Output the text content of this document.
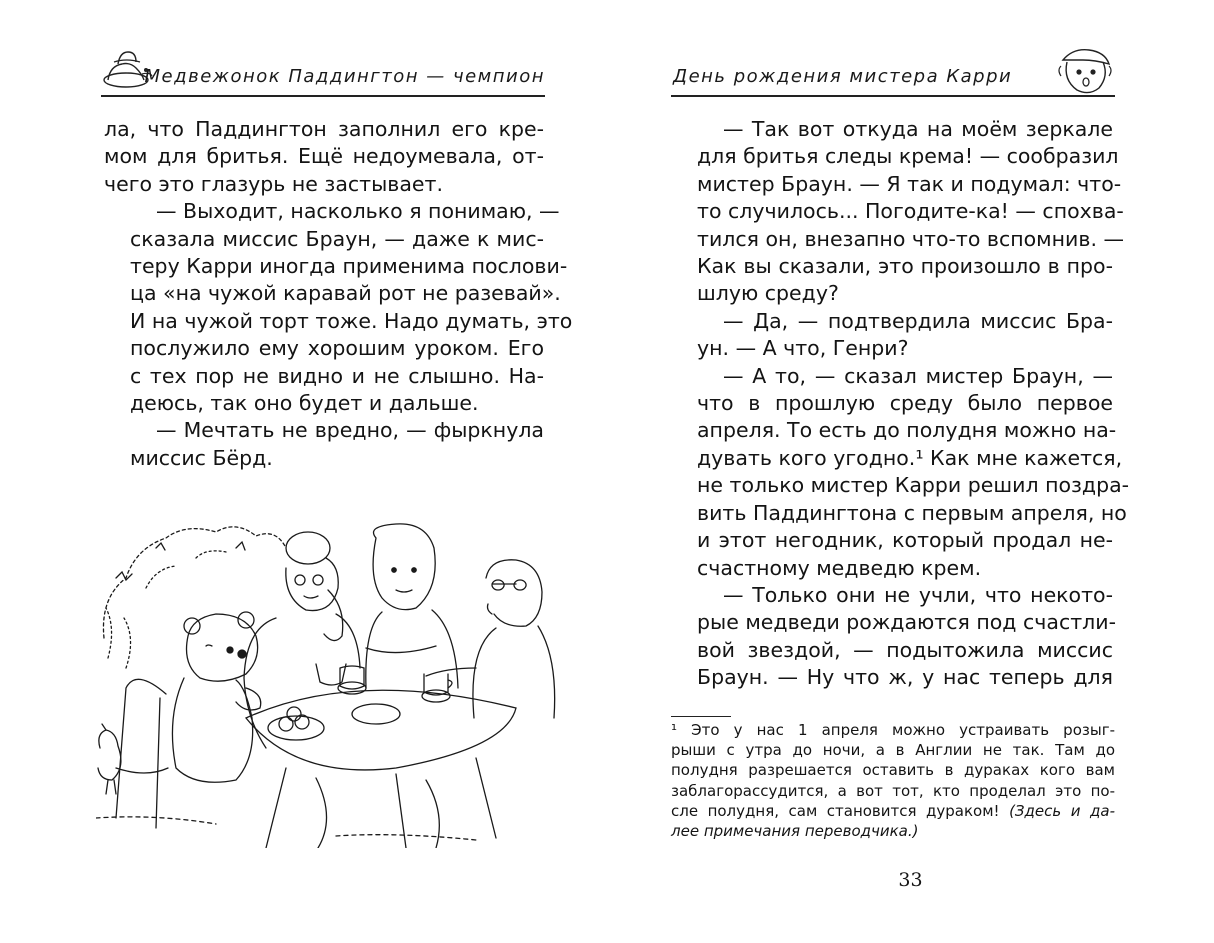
Медвежонок Паддингтон — чемпион

ла, что Паддингтон заполнил его кре-
мом для бритья. Ещё недоумевала, от-
чего это глазурь не застывает.

— Выходит, насколько я понимаю, —
сказала миссис Браун, — даже к мис-
теру Карри иногда применима послови-
ца «на чужой каравай рот не разевай».
И на чужой торт тоже. Надо думать, это
послужило ему хорошим уроком. Его
с тех пор не видно и не слышно. На-
деюсь, так оно будет и дальше.

— Мечтать не вредно, — фыркнула
миссис Бёрд.

День рождения мистера Карри

— Так вот откуда на моём зеркале
для бритья следы крема! — сообразил
мистер Браун. — Я так и подумал: что-
то случилось... Погодите-ка! — спохва-
тился он, внезапно что-то вспомнив. —
Как вы сказали, это произошло в про-
шлую среду?

— Да, — подтвердила миссис Бра-
ун. — А что, Генри?

— А то, — сказал мистер Браун, —
что в прошлую среду было первое
апреля. То есть до полудня можно на-
дувать кого угодно.¹ Как мне кажется,
не только мистер Карри решил поздра-
вить Паддингтона с первым апреля, но
и этот негодник, который продал не-
счастному медведю крем.

— Только они не учли, что некото-
рые медведи рождаются под счастли-
вой звездой, — подытожила миссис
Браун. — Ну что ж, у нас теперь для

¹ Это у нас 1 апреля можно устраивать розыг-
рыши с утра до ночи, а в Англии не так. Там до
полудня разрешается оставить в дураках кого вам
заблагорассудится, а вот тот, кто проделал это по-
сле полудня, сам становится дураком! (Здесь и да-
лее примечания переводчика.)
33
